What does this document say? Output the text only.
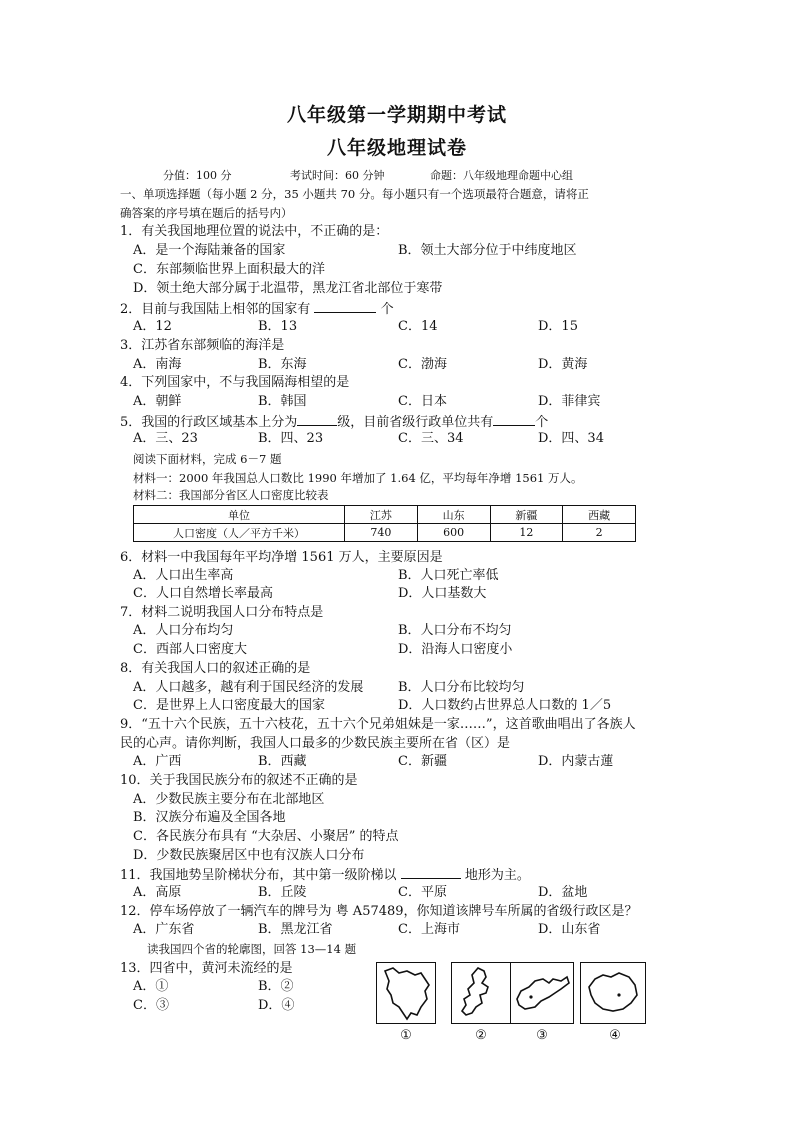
八年级第一学期期中考试
八年级地理试卷
分值：100 分	考试时间：60 分钟	命题：八年级地理命题中心组
一、单项选择题（每小题 2 分，35 小题共 70 分。每小题只有一个选项最符合题意，请将正
确答案的序号填在题后的括号内）
1．有关我国地理位置的说法中，不正确的是：
A．是一个海陆兼备的国家	B．领土大部分位于中纬度地区
C．东部频临世界上面积最大的洋
D．领土绝大部分属于北温带，黑龙江省北部位于寒带
2．目前与我国陆上相邻的国家有	个
A．12	B．13	C．14	D．15
3．江苏省东部频临的海洋是
A．南海	B．东海	C．渤海	D．黄海
4．下列国家中，不与我国隔海相望的是
A．朝鲜	B．韩国	C．日本	D．菲律宾
5．我国的行政区域基本上分为	级，目前省级行政单位共有	个
A．三、23	B．四、23	C．三、34	D．四、34
阅读下面材料，完成 6－7 题
材料一：2000 年我国总人口数比 1990 年增加了 1.64 亿，平均每年净增 1561 万人。
材料二：我国部分省区人口密度比较表
单位	江苏	山东	新疆	西藏
人口密度（人／平方千米）	740	600	12	2
6．材料一中我国每年平均净增 1561 万人，主要原因是
A．人口出生率高	B．人口死亡率低
C．人口自然增长率最高	D．人口基数大
7．材料二说明我国人口分布特点是
A．人口分布均匀	B．人口分布不均匀
C．西部人口密度大	D．沿海人口密度小
8．有关我国人口的叙述正确的是
A．人口越多，越有利于国民经济的发展	B．人口分布比较均匀
C．是世界上人口密度最大的国家	D．人口数约占世界总人口数的 1／5
9．“五十六个民族，五十六枝花，五十六个兄弟姐妹是一家……”，这首歌曲唱出了各族人
民的心声。请你判断，我国人口最多的少数民族主要所在省（区）是
A．广西	B．西藏	C．新疆	D．内蒙古蓮
10．关于我国民族分布的叙述不正确的是
A．少数民族主要分布在北部地区
B．汉族分布遍及全国各地
C．各民族分布具有 “大杂居、小聚居” 的特点
D．少数民族聚居区中也有汉族人口分布
11．我国地势呈阶梯状分布，其中第一级阶梯以	地形为主。
A．高原	B．丘陵	C．平原	D．盆地
12．停车场停放了一辆汽车的牌号为 粤 A57489，你知道该牌号车所属的省级行政区是？
A．广东省	B．黑龙江省	C．上海市	D．山东省
读我国四个省的轮廓图，回答 13—14 题
13．四省中，黄河未流经的是
A．①	B．②
C．③	D．④
①	②	③	④
